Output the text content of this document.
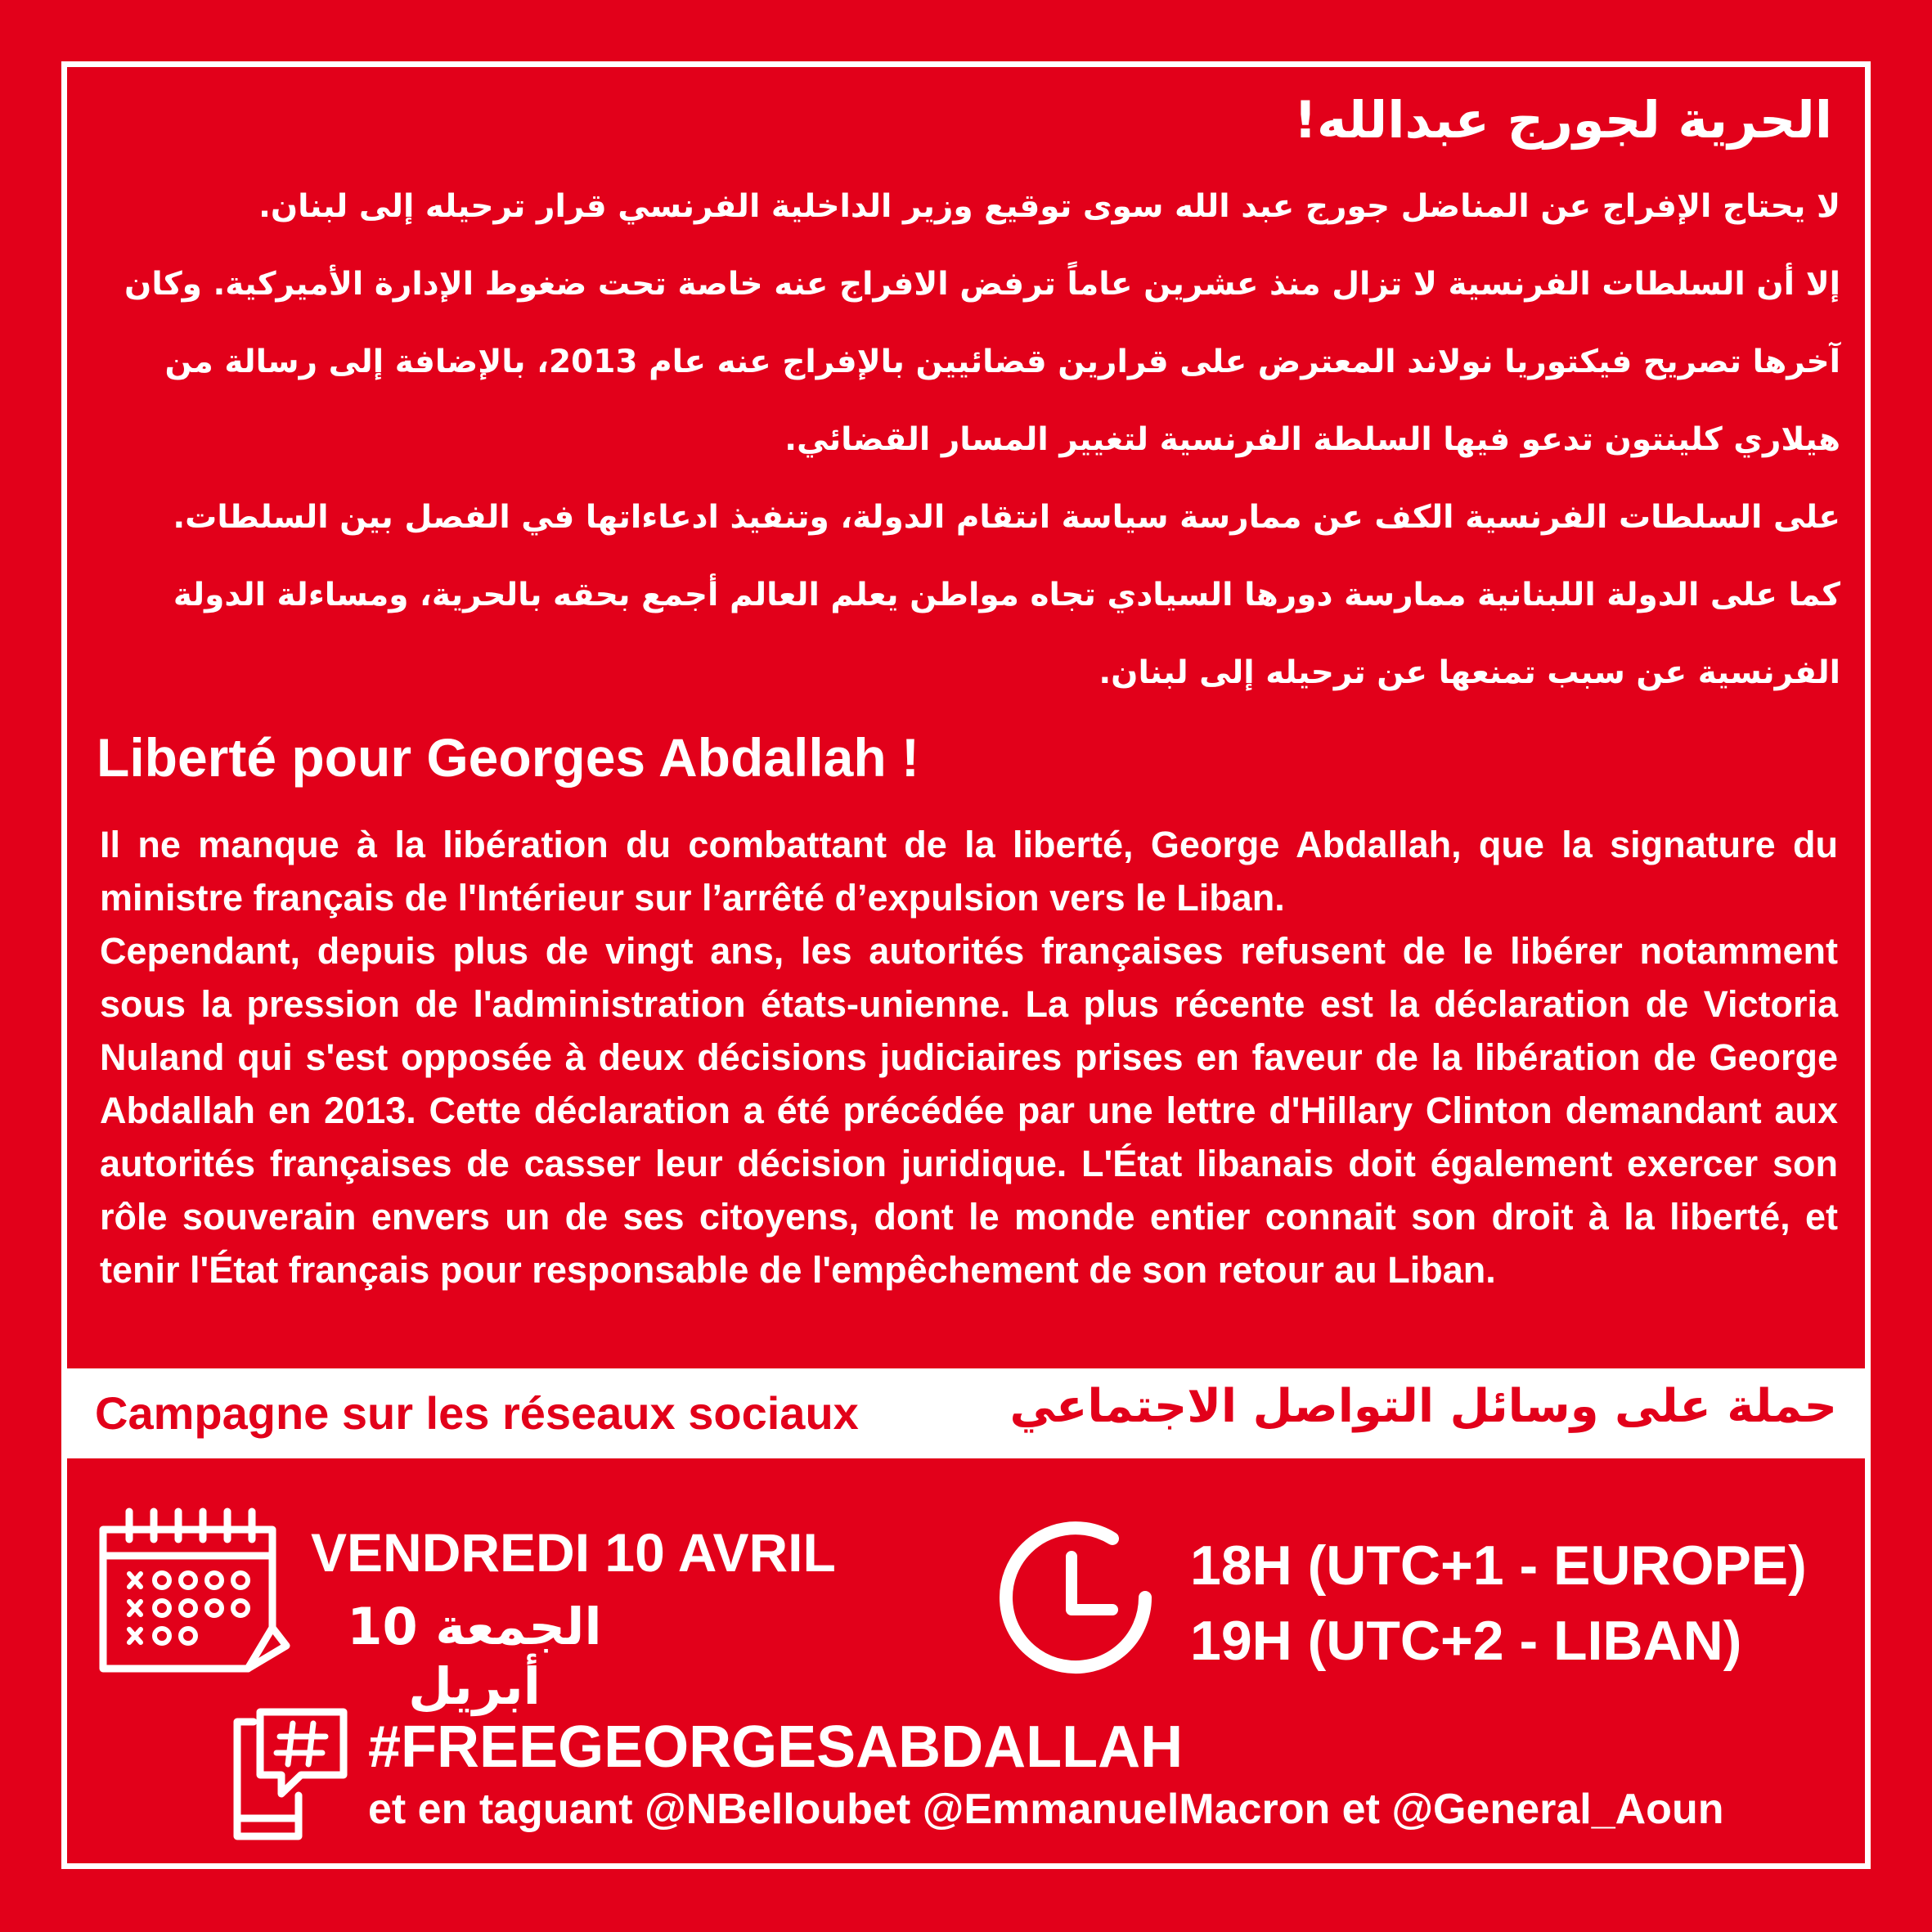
الحرية لجورج عبدالله!

لا يحتاج الإفراج عن المناضل جورج عبد الله سوى توقيع وزير الداخلية الفرنسي قرار ترحيله إلى لبنان.

إلا أن السلطات الفرنسية لا تزال منذ عشرين عاماً ترفض الافراج عنه خاصة تحت ضغوط الإدارة الأميركية. وكان

آخرها تصريح فيكتوريا نولاند المعترض على قرارين قضائيين بالإفراج عنه عام 2013، بالإضافة إلى رسالة من

هيلاري كلينتون تدعو فيها السلطة الفرنسية لتغيير المسار القضائي.

على السلطات الفرنسية الكف عن ممارسة سياسة انتقام الدولة، وتنفيذ ادعاءاتها في الفصل بين السلطات.

كما على الدولة اللبنانية ممارسة دورها السيادي تجاه مواطن يعلم العالم أجمع بحقه بالحرية، ومساءلة الدولة

الفرنسية عن سبب تمنعها عن ترحيله إلى لبنان.

Liberté pour Georges Abdallah !

Il ne manque à la libération du combattant de la liberté, George Abdallah, que la signature du ministre français de l'Intérieur sur l’arrêté d’expulsion vers le Liban.

Cependant, depuis plus de vingt ans, les autorités françaises refusent de le libérer notamment sous la pression de l'administration états-unienne. La plus récente est la déclaration de Victoria Nuland qui s'est opposée à deux décisions judiciaires prises en faveur de la libération de George Abdallah en 2013. Cette déclaration a été précédée par une lettre d'Hillary Clinton demandant aux autorités françaises de casser leur décision juridique. L'État libanais doit également exercer son rôle souverain envers un de ses citoyens, dont le monde entier connait son droit à la liberté, et tenir l'État français pour responsable de l'empêchement de son retour au Liban.

Campagne sur les réseaux sociaux	حملة على وسائل التواصل الاجتماعي
VENDREDI 10 AVRIL
الجمعة 10 أبريل
18H (UTC+1 - EUROPE)
19H (UTC+2 - LIBAN)
#FREEGEORGESABDALLAH
et en taguant @NBelloubet @EmmanuelMacron et @General_Aoun
